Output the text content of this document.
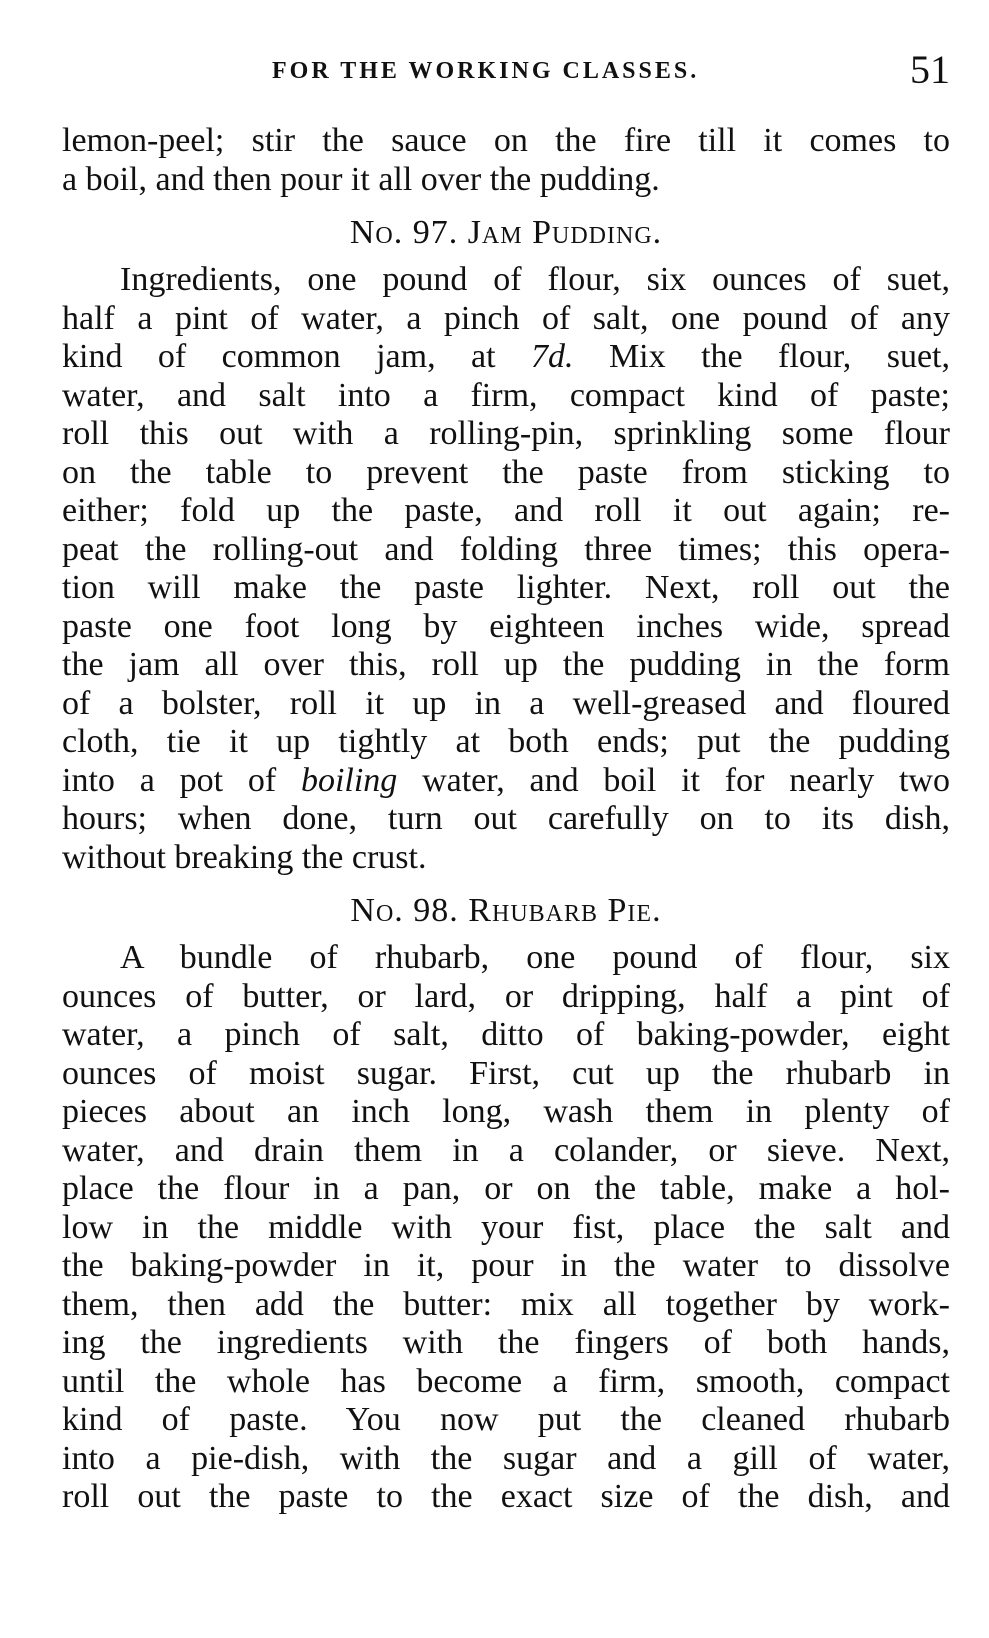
FOR THE WORKING CLASSES.	51
lemon-peel; stir the sauce on the fire till it comes to
a boil, and then pour it all over the pudding.
No. 97. Jam Pudding.
Ingredients, one pound of flour, six ounces of suet,
half a pint of water, a pinch of salt, one pound of any
kind of common jam, at 7d. Mix the flour, suet,
water, and salt into a firm, compact kind of paste;
roll this out with a rolling-pin, sprinkling some flour
on the table to prevent the paste from sticking to
either; fold up the paste, and roll it out again; re-
peat the rolling-out and folding three times; this opera-
tion will make the paste lighter. Next, roll out the
paste one foot long by eighteen inches wide, spread
the jam all over this, roll up the pudding in the form
of a bolster, roll it up in a well-greased and floured
cloth, tie it up tightly at both ends; put the pudding
into a pot of boiling water, and boil it for nearly two
hours; when done, turn out carefully on to its dish,
without breaking the crust.
No. 98. Rhubarb Pie.
A bundle of rhubarb, one pound of flour, six
ounces of butter, or lard, or dripping, half a pint of
water, a pinch of salt, ditto of baking-powder, eight
ounces of moist sugar. First, cut up the rhubarb in
pieces about an inch long, wash them in plenty of
water, and drain them in a colander, or sieve. Next,
place the flour in a pan, or on the table, make a hol-
low in the middle with your fist, place the salt and
the baking-powder in it, pour in the water to dissolve
them, then add the butter: mix all together by work-
ing the ingredients with the fingers of both hands,
until the whole has become a firm, smooth, compact
kind of paste. You now put the cleaned rhubarb
into a pie-dish, with the sugar and a gill of water,
roll out the paste to the exact size of the dish, and
